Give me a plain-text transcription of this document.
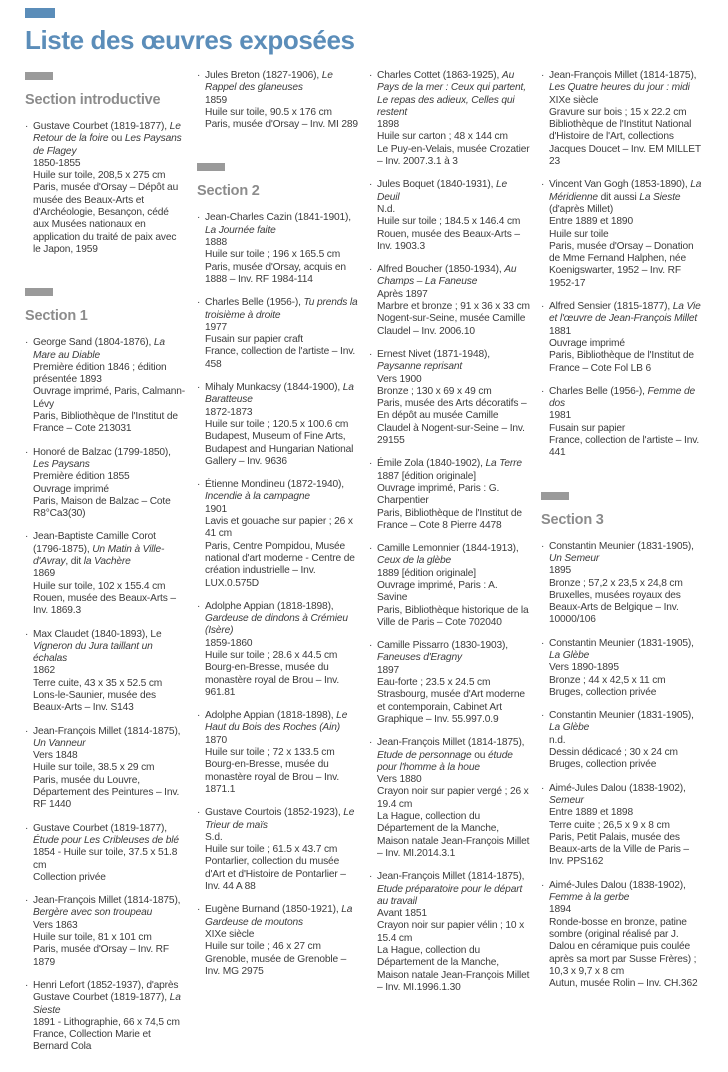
Liste des œuvres exposées
Section introductive
· Gustave Courbet (1819-1877), Le Retour de la foire ou Les Paysans de Flagey
1850-1855
Huile sur toile, 208,5 x 275 cm
Paris, musée d'Orsay – Dépôt au musée des Beaux-Arts et d'Archéologie, Besançon, cédé aux Musées nationaux en application du traité de paix avec le Japon, 1959
Section 1
· George Sand (1804-1876), La Mare au Diable
Première édition 1846 ; édition présentée 1893
Ouvrage imprimé, Paris, Calmann-Lévy
Paris, Bibliothèque de l'Institut de France – Cote 213031
· Honoré de Balzac (1799-1850), Les Paysans
Première édition 1855
Ouvrage imprimé
Paris, Maison de Balzac – Cote R8°Ca3(30)
· Jean-Baptiste Camille Corot (1796-1875), Un Matin à Ville-d'Avray, dit la Vachère
1869
Huile sur toile, 102 x 155.4 cm
Rouen, musée des Beaux-Arts – Inv. 1869.3
· Max Claudet (1840-1893), Le Vigneron du Jura taillant un échalas
1862
Terre cuite, 43 x 35 x 52.5 cm
Lons-le-Saunier, musée des Beaux-Arts – Inv. S143
· Jean-François Millet (1814-1875), Un Vanneur
Vers 1848
Huile sur toile, 38.5 x 29 cm
Paris, musée du Louvre, Département des Peintures – Inv. RF 1440
· Gustave Courbet (1819-1877), Étude pour Les Cribleuses de blé
1854 - Huile sur toile, 37.5 x 51.8 cm
Collection privée
· Jean-François Millet (1814-1875), Bergère avec son troupeau
Vers 1863
Huile sur toile, 81 x 101 cm
Paris, musée d'Orsay – Inv. RF 1879
· Henri Lefort (1852-1937), d'après Gustave Courbet (1819-1877), La Sieste
1891 - Lithographie, 66 x 74,5 cm
France, Collection Marie et Bernard Cola
· Jules Breton (1827-1906), Le Rappel des glaneuses
1859
Huile sur toile, 90.5 x 176 cm
Paris, musée d'Orsay – Inv. MI 289
Section 2
· Jean-Charles Cazin (1841-1901), La Journée faite
1888
Huile sur toile ; 196 x 165.5 cm
Paris, musée d'Orsay, acquis en 1888 – Inv. RF 1984-114
· Charles Belle (1956-), Tu prends la troisième à droite
1977
Fusain sur papier craft
France, collection de l'artiste – Inv. 458
· Mihaly Munkacsy (1844-1900), La Baratteuse
1872-1873
Huile sur toile ; 120.5 x 100.6 cm
Budapest, Museum of Fine Arts, Budapest and Hungarian National Gallery – Inv. 9636
· Étienne Mondineu (1872-1940), Incendie à la campagne
1901
Lavis et gouache sur papier ; 26 x 41 cm
Paris, Centre Pompidou, Musée national d'art moderne - Centre de création industrielle – Inv. LUX.0.575D
· Adolphe Appian (1818-1898), Gardeuse de dindons à Crémieu (Isère)
1859-1860
Huile sur toile ; 28.6 x 44.5 cm
Bourg-en-Bresse, musée du monastère royal de Brou – Inv. 961.81
· Adolphe Appian (1818-1898), Le Haut du Bois des Roches (Ain)
1870
Huile sur toile ; 72 x 133.5 cm
Bourg-en-Bresse, musée du monastère royal de Brou – Inv. 1871.1
· Gustave Courtois (1852-1923), Le Trieur de maïs
S.d.
Huile sur toile ; 61.5 x 43.7 cm
Pontarlier, collection du musée d'Art et d'Histoire de Pontarlier – Inv. 44 A 88
· Eugène Burnand (1850-1921), La Gardeuse de moutons
XIXe siècle
Huile sur toile ; 46 x 27 cm
Grenoble, musée de Grenoble – Inv. MG 2975
· Charles Cottet (1863-1925), Au Pays de la mer : Ceux qui partent, Le repas des adieux, Celles qui restent
1898
Huile sur carton ; 48 x 144 cm
Le Puy-en-Velais, musée Crozatier – Inv. 2007.3.1 à 3
· Jules Boquet (1840-1931), Le Deuil
N.d.
Huile sur toile ; 184.5 x 146.4 cm
Rouen, musée des Beaux-Arts – Inv. 1903.3
· Alfred Boucher (1850-1934), Au Champs – La Faneuse
Après 1897
Marbre et bronze ; 91 x 36 x 33 cm
Nogent-sur-Seine, musée Camille Claudel – Inv. 2006.10
· Ernest Nivet (1871-1948), Paysanne reprisant
Vers 1900
Bronze ; 130 x 69 x 49 cm
Paris, musée des Arts décoratifs – En dépôt au musée Camille Claudel à Nogent-sur-Seine – Inv. 29155
· Émile Zola (1840-1902), La Terre
1887 [édition originale]
Ouvrage imprimé, Paris : G. Charpentier
Paris, Bibliothèque de l'Institut de France – Cote 8 Pierre 4478
· Camille Lemonnier (1844-1913), Ceux de la glèbe
1889 [édition originale]
Ouvrage imprimé, Paris : A. Savine
Paris, Bibliothèque historique de la Ville de Paris – Cote 702040
· Camille Pissarro (1830-1903), Faneuses d'Eragny
1897
Eau-forte ; 23.5 x 24.5 cm
Strasbourg, musée d'Art moderne et contemporain, Cabinet Art Graphique – Inv. 55.997.0.9
· Jean-François Millet (1814-1875), Etude de personnage ou étude pour l'homme à la houe
Vers 1880
Crayon noir sur papier vergé ; 26 x 19.4 cm
La Hague, collection du Département de la Manche, Maison natale Jean-François Millet – Inv. MI.2014.3.1
· Jean-François Millet (1814-1875), Etude préparatoire pour le départ au travail
Avant 1851
Crayon noir sur papier vélin ; 10 x 15.4 cm
La Hague, collection du Département de la Manche, Maison natale Jean-François Millet – Inv. MI.1996.1.30
· Jean-François Millet (1814-1875), Les Quatre heures du jour : midi
XIXe siècle
Gravure sur bois ; 15 x 22.2 cm
Bibliothèque de l'Institut National d'Histoire de l'Art, collections Jacques Doucet – Inv. EM MILLET 23
· Vincent Van Gogh (1853-1890), La Méridienne dit aussi La Sieste (d'après Millet)
Entre 1889 et 1890
Huile sur toile
Paris, musée d'Orsay – Donation de Mme Fernand Halphen, née Koenigswarter, 1952 – Inv. RF 1952-17
· Alfred Sensier (1815-1877), La Vie et l'œuvre de Jean-François Millet
1881
Ouvrage imprimé
Paris, Bibliothèque de l'Institut de France – Cote Fol LB 6
· Charles Belle (1956-), Femme de dos
1981
Fusain sur papier
France, collection de l'artiste – Inv. 441
Section 3
· Constantin Meunier (1831-1905), Un Semeur
1895
Bronze ; 57,2 x 23,5 x 24,8 cm
Bruxelles, musées royaux des Beaux-Arts de Belgique – Inv. 10000/106
· Constantin Meunier (1831-1905), La Glèbe
Vers 1890-1895
Bronze ; 44 x 42,5 x 11 cm
Bruges, collection privée
· Constantin Meunier (1831-1905), La Glèbe
n.d.
Dessin dédicacé ; 30 x 24 cm
Bruges, collection privée
· Aimé-Jules Dalou (1838-1902), Semeur
Entre 1889 et 1898
Terre cuite ; 26,5 x 9 x 8 cm
Paris, Petit Palais, musée des Beaux-arts de la Ville de Paris – Inv. PPS162
· Aimé-Jules Dalou (1838-1902), Femme à la gerbe
1894
Ronde-bosse en bronze, patine sombre (original réalisé par J. Dalou en céramique puis coulée après sa mort par Susse Frères) ; 10,3 x 9,7 x 8 cm
Autun, musée Rolin – Inv. CH.362
